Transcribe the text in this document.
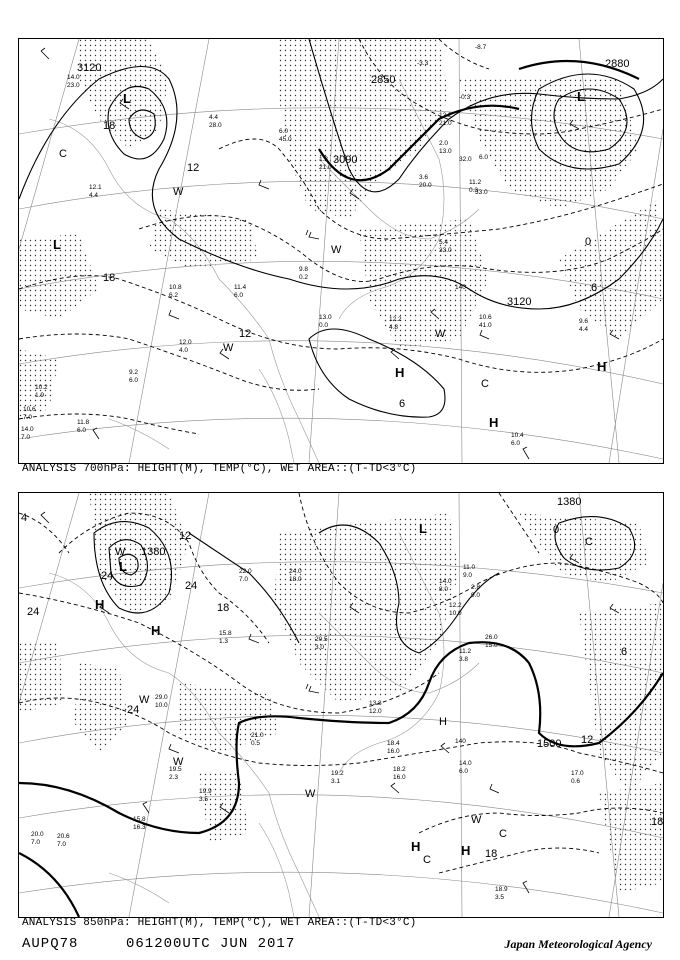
14.0
23.0
12.1
4.4
10.2
1.9
10.6
7.0
14.0
7.0
9.2
6.0
11.8
6.0
12.0
4.0
10.8
6.2
11.4
6.0
13.0
0.0
12.2
4.8
9.8
0.2
10.6
41.0
9.6
4.4
10.4
6.0
6.0
45.0
4.4
28.0
1.3
21.0
3.6
20.0
2.0
13.0
11.2
0.3
32.0
33.0
5.4
33.0
-8.7
-3.3
-0.3
6.0
12.2
21.0
3120	2880
3120
3090
2850
L	L
L
H
H
H
W
W
W
W
C
C
18
12
12
6
6
0
18
140
ANALYSIS 700hPa: HEIGHT(M), TEMP(°C), WET AREA::(T-TD<3°C)
20.6
7.0
20.0
7.0
15.8
16.3
18.9
3.5
19.9
3.5
17.0
0.6
14.0
6.0
18.4
16.0
11.2
3.8
21.0
0.5
19.5
2.3
29.0
10.0
26.0
15.0
12.2
10.0
14.0
8.0
11.0
9.0
19.2
3.1
18.2
16.0
20.5
3.0
2.8
9.0
22.0
7.0
15.8
1.3
13.8
12.0
24.0
18.0
1380
1380
1500
H
H
H	H
H
L
L
W
W
W
W
W
C
C
C
24
24
24
24
18
18
18
12
12
6
0
4
140
ANALYSIS 850hPa: HEIGHT(M), TEMP(°C), WET AREA::(T-TD<3°C)
AUPQ78	061200UTC JUN 2017	Japan Meteorological Agency
